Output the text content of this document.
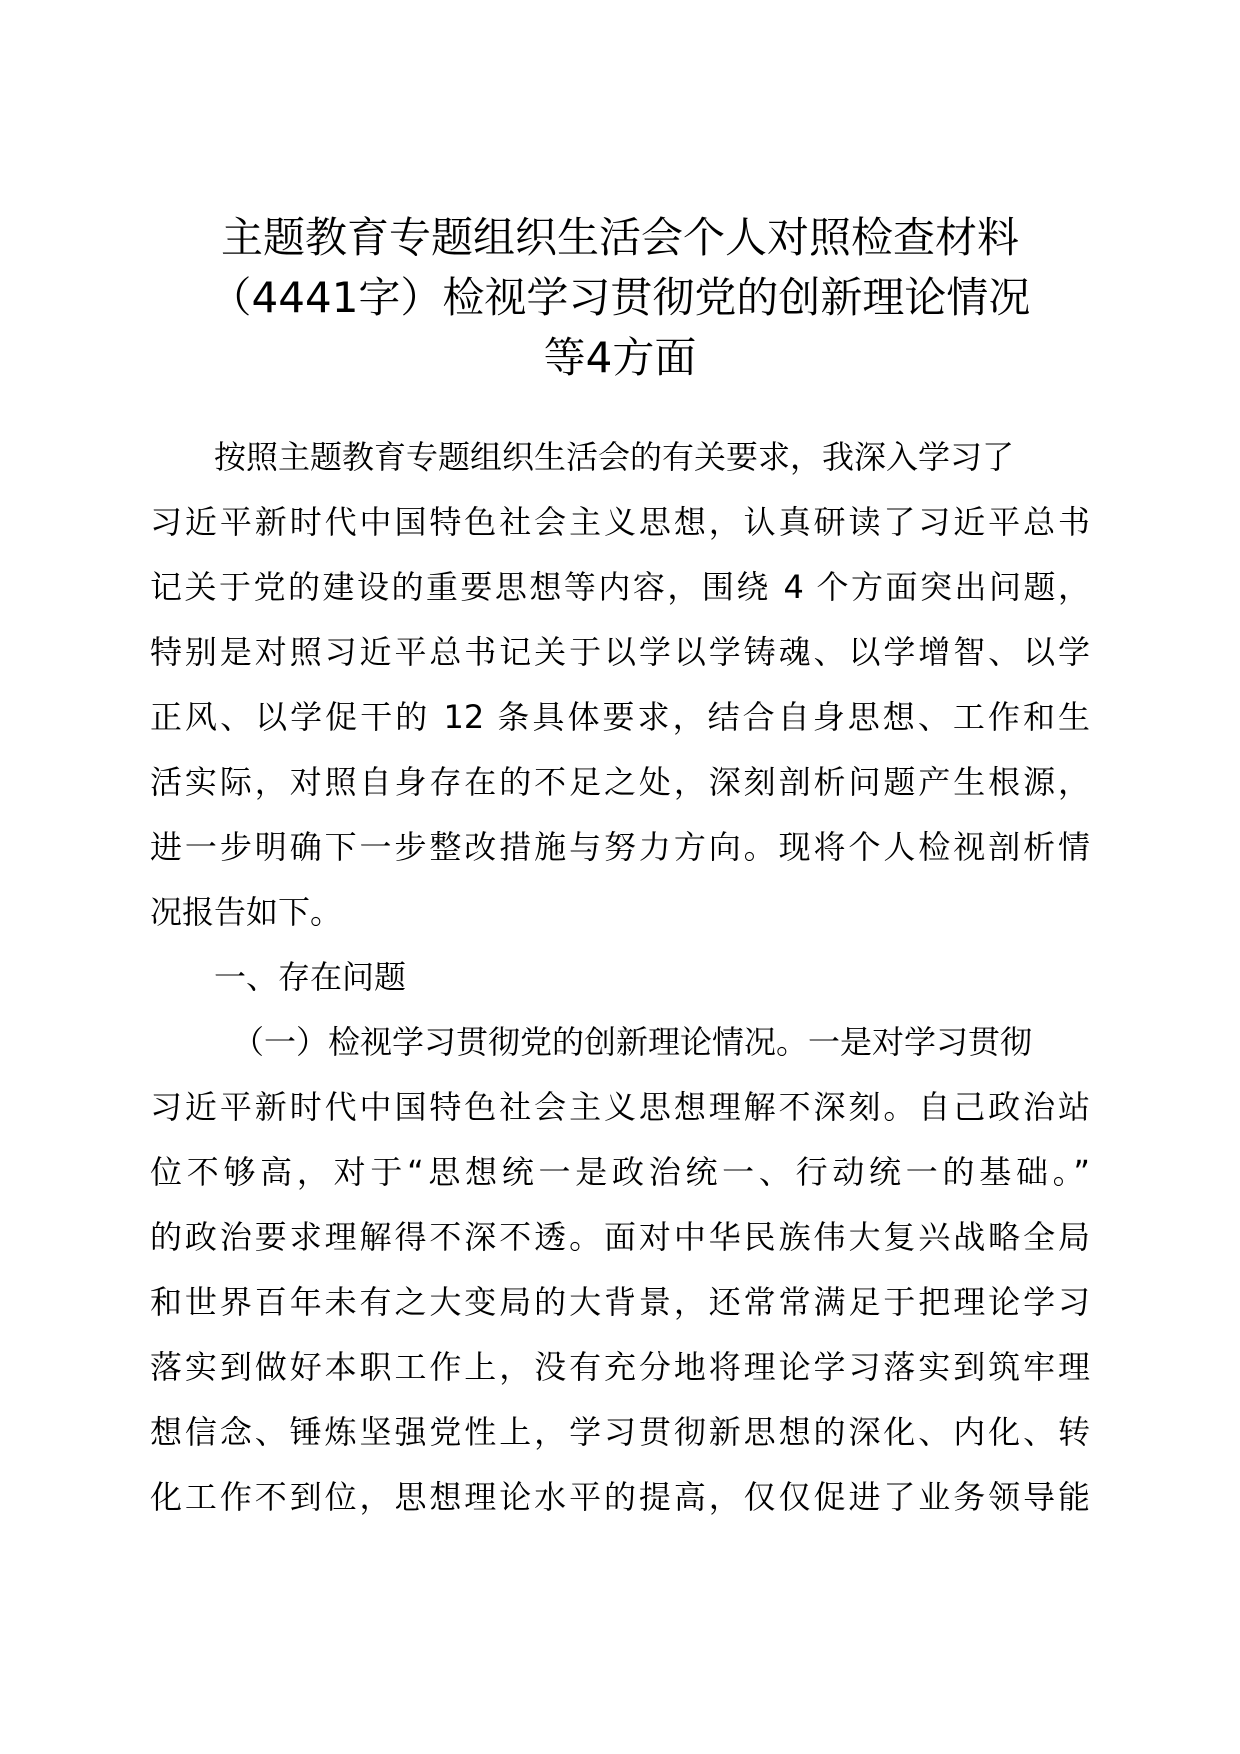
主题教育专题组织生活会个人对照检查材料
（4441字）检视学习贯彻党的创新理论情况
等4方面
按照主题教育专题组织生活会的有关要求，我深入学习了
习近平新时代中国特色社会主义思想，认真研读了习近平总书
记关于党的建设的重要思想等内容，围绕 4 个方面突出问题，
特别是对照习近平总书记关于以学以学铸魂、以学增智、以学
正风、以学促干的 12 条具体要求，结合自身思想、工作和生
活实际，对照自身存在的不足之处，深刻剖析问题产生根源，
进一步明确下一步整改措施与努力方向。现将个人检视剖析情
况报告如下。
一、存在问题
（一）检视学习贯彻党的创新理论情况。一是对学习贯彻
习近平新时代中国特色社会主义思想理解不深刻。自己政治站
位不够高，对于“思想统一是政治统一、行动统一的基础。”
的政治要求理解得不深不透。面对中华民族伟大复兴战略全局
和世界百年未有之大变局的大背景，还常常满足于把理论学习
落实到做好本职工作上，没有充分地将理论学习落实到筑牢理
想信念、锤炼坚强党性上，学习贯彻新思想的深化、内化、转
化工作不到位，思想理论水平的提高，仅仅促进了业务领导能
